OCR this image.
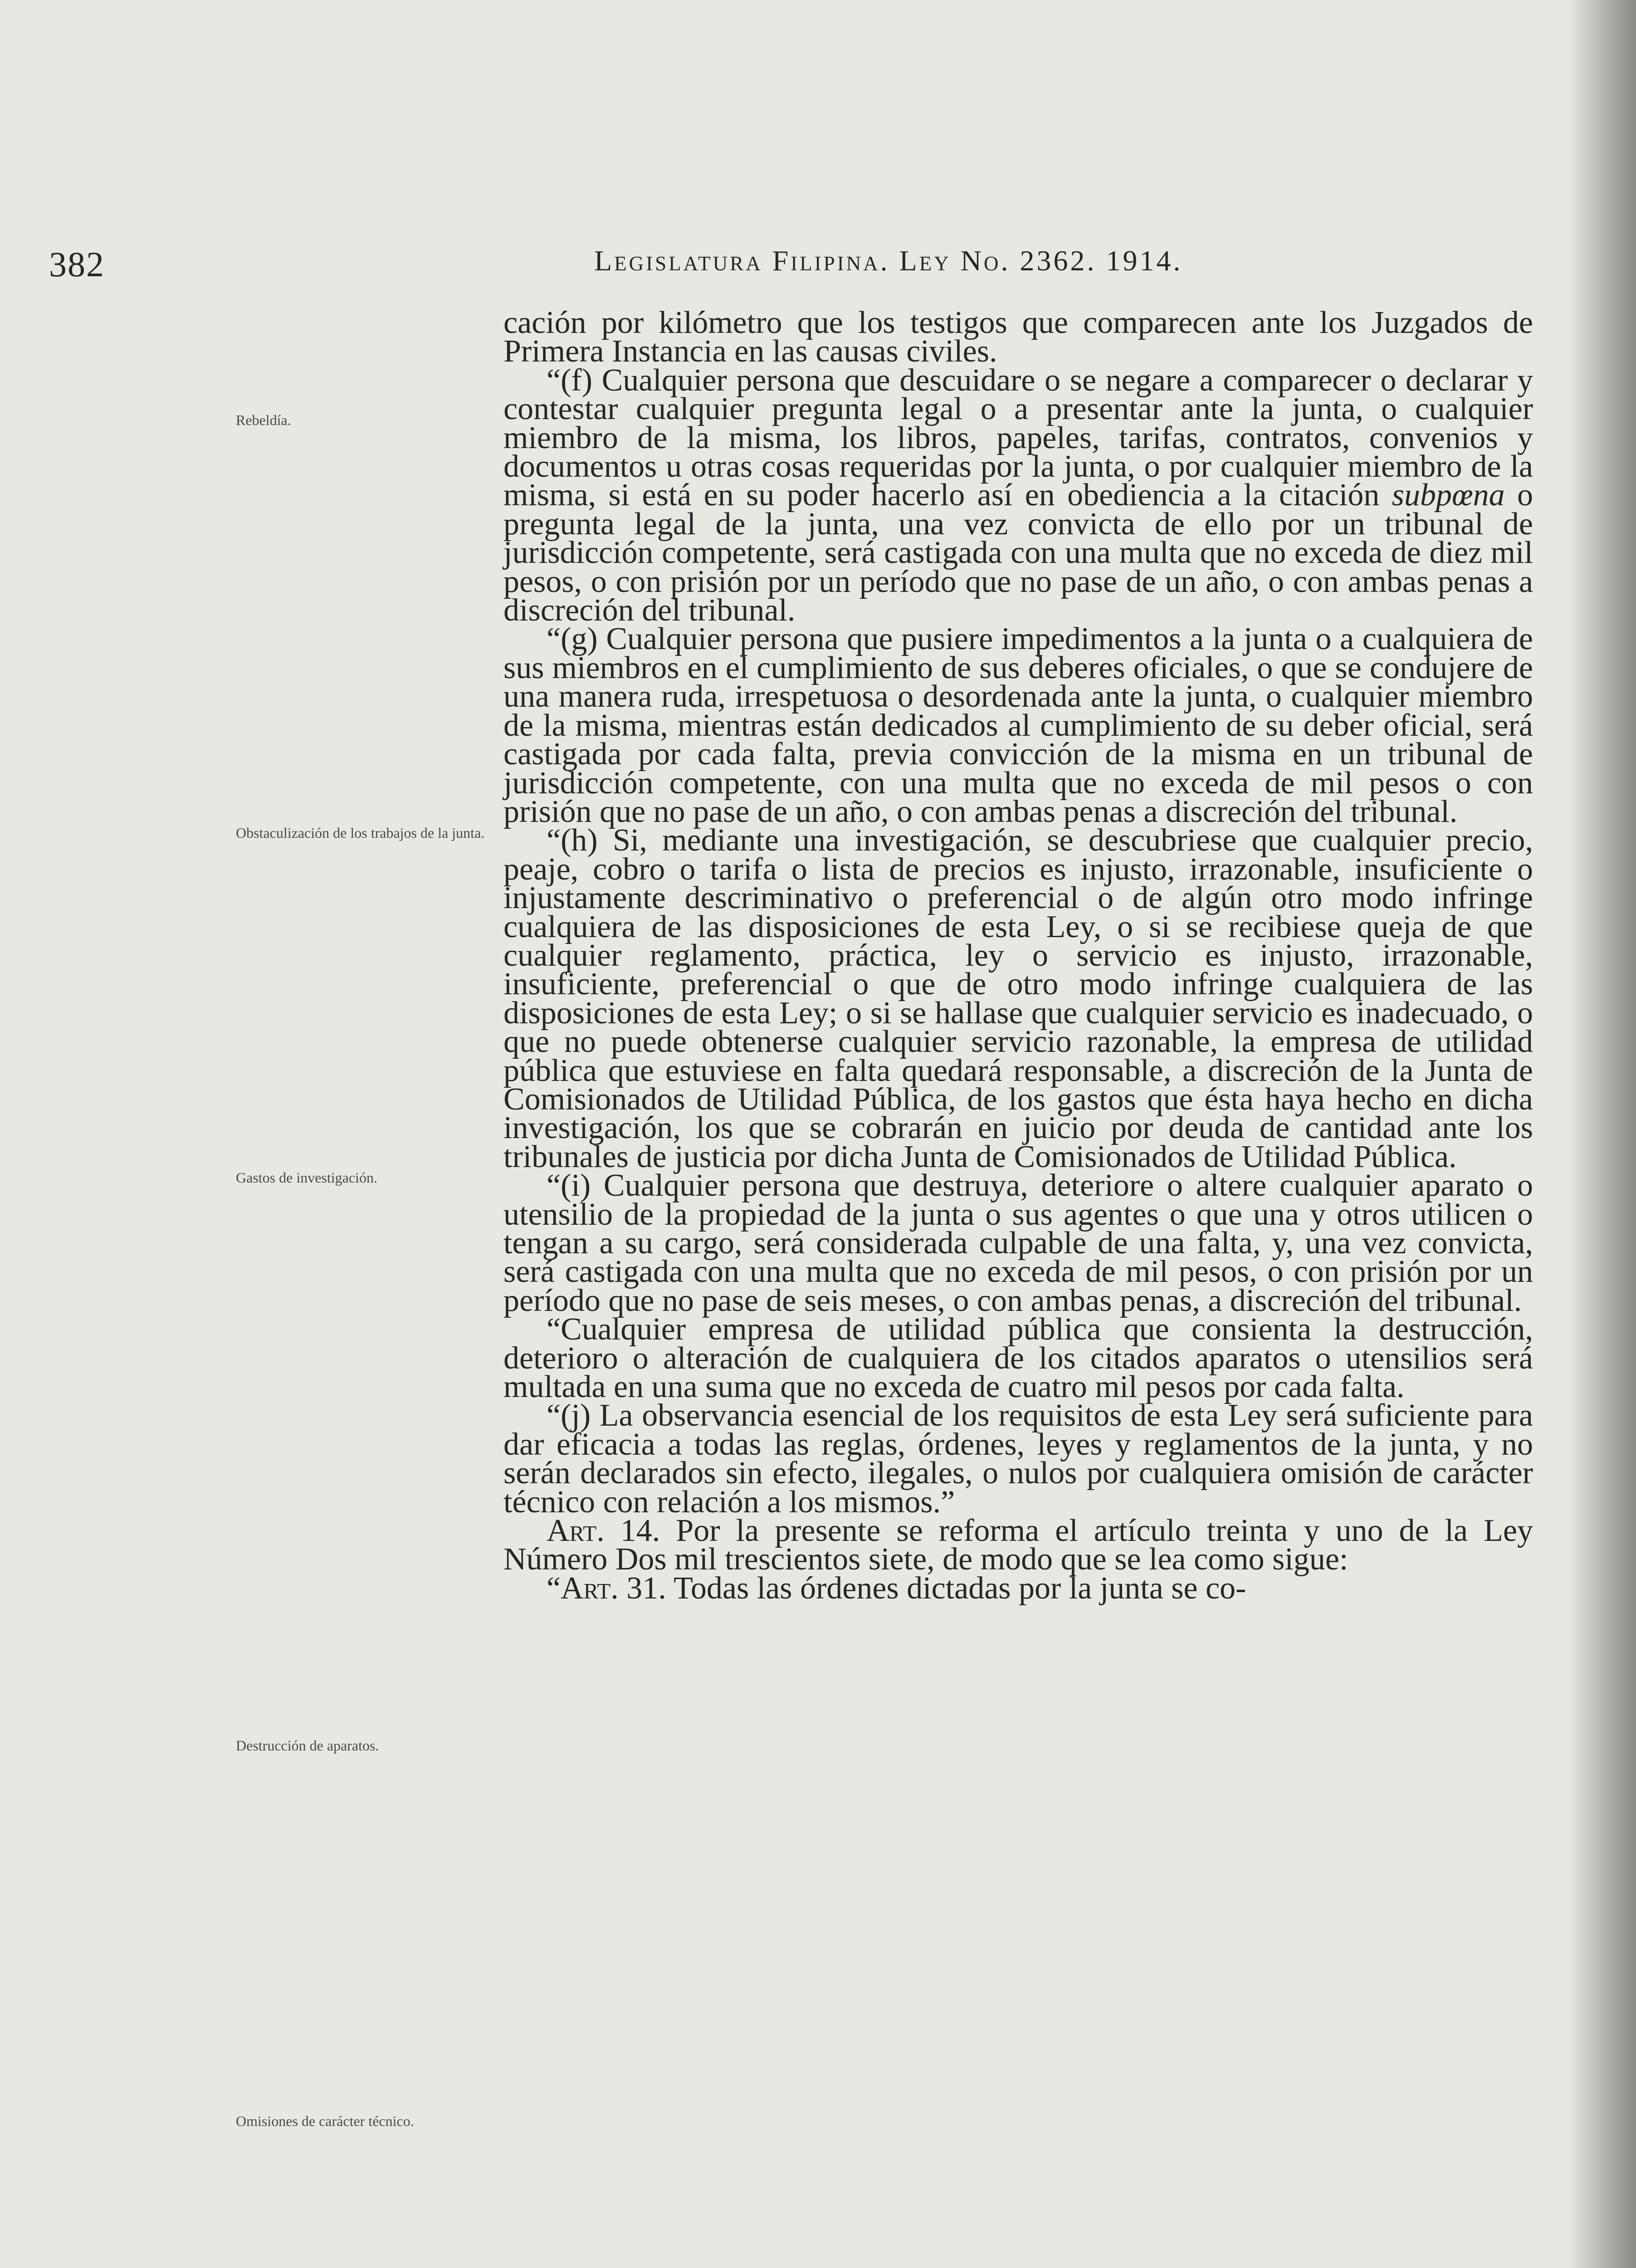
382	Legislatura Filipina. Ley No. 2362. 1914.
Rebeldía.
Obstaculización de los trabajos de la junta.
Gastos de investigación.
Destrucción de aparatos.
Omisiones de carácter técnico.

cación por kilómetro que los testigos que comparecen ante los Juzgados de Primera Instancia en las causas civiles.

“(f) Cualquier persona que descuidare o se negare a comparecer o declarar y contestar cualquier pregunta legal o a presentar ante la junta, o cualquier miembro de la misma, los libros, papeles, tarifas, contratos, convenios y documentos u otras cosas requeridas por la junta, o por cualquier miembro de la misma, si está en su poder hacerlo así en obediencia a la citación subpœna o pregunta legal de la junta, una vez convicta de ello por un tribunal de jurisdicción competente, será castigada con una multa que no exceda de diez mil pesos, o con prisión por un período que no pase de un año, o con ambas penas a discreción del tribunal.

“(g) Cualquier persona que pusiere impedimentos a la junta o a cualquiera de sus miembros en el cumplimiento de sus deberes oficiales, o que se condujere de una manera ruda, irrespetuosa o desordenada ante la junta, o cualquier miembro de la misma, mientras están dedicados al cumplimiento de su deber oficial, será castigada por cada falta, previa convicción de la misma en un tribunal de jurisdicción competente, con una multa que no exceda de mil pesos o con prisión que no pase de un año, o con ambas penas a discreción del tribunal.

“(h) Si, mediante una investigación, se descubriese que cualquier precio, peaje, cobro o tarifa o lista de precios es injusto, irrazonable, insuficiente o injustamente descriminativo o preferencial o de algún otro modo infringe cualquiera de las disposiciones de esta Ley, o si se recibiese queja de que cualquier reglamento, práctica, ley o servicio es injusto, irrazonable, insuficiente, preferencial o que de otro modo infringe cualquiera de las disposiciones de esta Ley; o si se hallase que cualquier servicio es inadecuado, o que no puede obtenerse cualquier servicio razonable, la empresa de utilidad pública que estuviese en falta quedará responsable, a discreción de la Junta de Comisionados de Utilidad Pública, de los gastos que ésta haya hecho en dicha investigación, los que se cobrarán en juicio por deuda de cantidad ante los tribunales de justicia por dicha Junta de Comisionados de Utilidad Pública.

“(i) Cualquier persona que destruya, deteriore o altere cualquier aparato o utensilio de la propiedad de la junta o sus agentes o que una y otros utilicen o tengan a su cargo, será considerada culpable de una falta, y, una vez convicta, será castigada con una multa que no exceda de mil pesos, o con prisión por un período que no pase de seis meses, o con ambas penas, a discreción del tribunal.

“Cualquier empresa de utilidad pública que consienta la destrucción, deterioro o alteración de cualquiera de los citados aparatos o utensilios será multada en una suma que no exceda de cuatro mil pesos por cada falta.

“(j) La observancia esencial de los requisitos de esta Ley será suficiente para dar eficacia a todas las reglas, órdenes, leyes y reglamentos de la junta, y no serán declarados sin efecto, ilegales, o nulos por cualquiera omisión de carácter técnico con relación a los mismos.”

Art. 14. Por la presente se reforma el artículo treinta y uno de la Ley Número Dos mil trescientos siete, de modo que se lea como sigue:

“Art. 31. Todas las órdenes dictadas por la junta se co-
